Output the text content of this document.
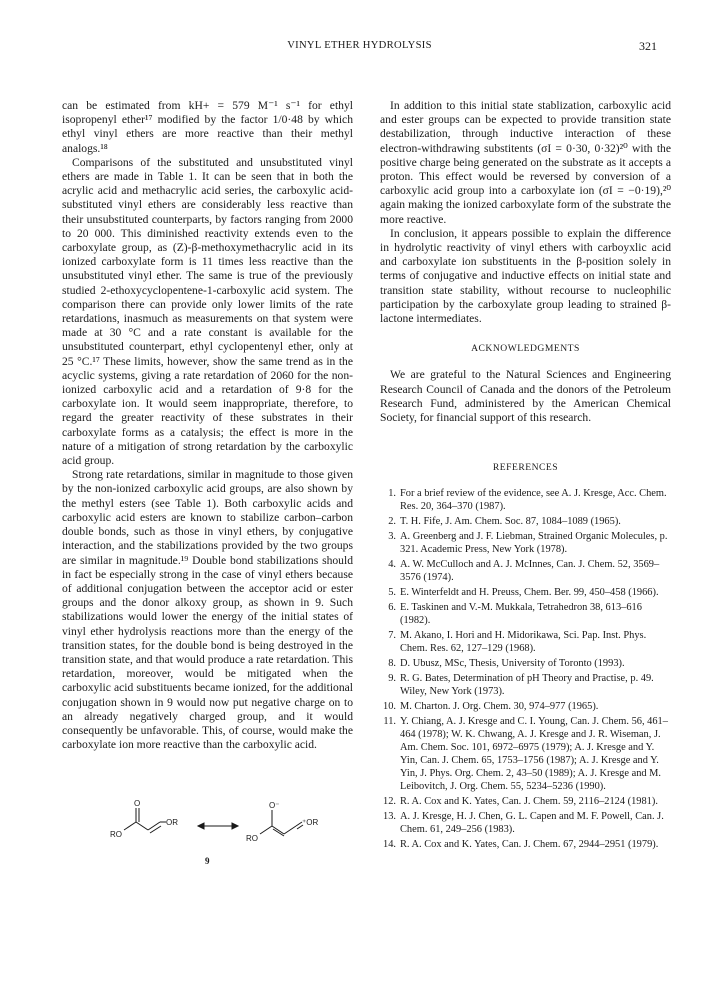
VINYL ETHER HYDROLYSIS	321

can be estimated from kH+ = 579 M⁻¹ s⁻¹ for ethyl isopropenyl ether¹⁷ modified by the factor 1/0·48 by which ethyl vinyl ethers are more reactive than their methyl analogs.¹⁸

Comparisons of the substituted and unsubstituted vinyl ethers are made in Table 1. It can be seen that in both the acrylic acid and methacrylic acid series, the carboxylic acid-substituted vinyl ethers are considerably less reactive than their unsubstituted counterparts, by factors ranging from 2000 to 20 000. This diminished reactivity extends even to the carboxylate group, as (Z)-β-methoxymethacrylic acid in its ionized carboxylate form is 11 times less reactive than the unsubstituted vinyl ether. The same is true of the previously studied 2-ethoxycyclopentene-1-carboxylic acid system. The comparison there can provide only lower limits of the rate retardations, inasmuch as measurements on that system were made at 30 °C and a rate constant is available for the unsubstituted counterpart, ethyl cyclopentenyl ether, only at 25 °C.¹⁷ These limits, however, show the same trend as in the acyclic systems, giving a rate retardation of 2060 for the non-ionized carboxylic acid and a retardation of 9·8 for the carboxylate ion. It would seem inappropriate, therefore, to regard the greater reactivity of these substrates in their carboxylate forms as a catalysis; the effect is more in the nature of a mitigation of strong retardation by the carboxylic acid group.

Strong rate retardations, similar in magnitude to those given by the non-ionized carboxylic acid groups, are also shown by the methyl esters (see Table 1). Both carboxylic acids and carboxylic acid esters are known to stabilize carbon–carbon double bonds, such as those in vinyl ethers, by conjugative interaction, and the stabilizations provided by the two groups are similar in magnitude.¹⁹ Double bond stabilizations should in fact be especially strong in the case of vinyl ethers because of additional conjugation between the acceptor acid or ester groups and the donor alkoxy group, as shown in 9. Such stabilizations would lower the energy of the initial states of vinyl ether hydrolysis reactions more than the energy of the transition states, for the double bond is being destroyed in the transition state, and that would produce a rate retardation. This retardation, moreover, would be mitigated when the carboxylic acid substituents became ionized, for the additional conjugation shown in 9 would now put negative charge on to an already negatively charged group, and it would consequently be unfavorable. This, of course, would make the carboxylate ion more reactive than the carboxylic acid.

O
OR
RO
O⁻
⁺OR
RO
9

In addition to this initial state stablization, carboxylic acid and ester groups can be expected to provide transition state destabilization, through inductive interaction of these electron-withdrawing substitents (σI = 0·30, 0·32)²⁰ with the positive charge being generated on the substrate as it accepts a proton. This effect would be reversed by conversion of a carboxylic acid group into a carboxylate ion (σI = −0·19),²⁰ again making the ionized carboxylate form of the substrate the more reactive.

In conclusion, it appears possible to explain the difference in hydrolytic reactivity of vinyl ethers with carboyxlic acid and carboxylate ion substituents in the β-position solely in terms of conjugative and inductive effects on initial state and transition state stability, without recourse to nucleophilic participation by the carboxylate group leading to strained β-lactone intermediates.

ACKNOWLEDGMENTS

We are grateful to the Natural Sciences and Engineering Research Council of Canada and the donors of the Petroleum Research Fund, administered by the American Chemical Society, for financial support of this research.

REFERENCES
1. For a brief review of the evidence, see A. J. Kresge, Acc. Chem. Res. 20, 364–370 (1987).
2. T. H. Fife, J. Am. Chem. Soc. 87, 1084–1089 (1965).
3. A. Greenberg and J. F. Liebman, Strained Organic Molecules, p. 321. Academic Press, New York (1978).
4. A. W. McCulloch and A. J. McInnes, Can. J. Chem. 52, 3569–3576 (1974).
5. E. Winterfeldt and H. Preuss, Chem. Ber. 99, 450–458 (1966).
6. E. Taskinen and V.-M. Mukkala, Tetrahedron 38, 613–616 (1982).
7. M. Akano, I. Hori and H. Midorikawa, Sci. Pap. Inst. Phys. Chem. Res. 62, 127–129 (1968).
8. D. Ubusz, MSc, Thesis, University of Toronto (1993).
9. R. G. Bates, Determination of pH Theory and Practise, p. 49. Wiley, New York (1973).
10. M. Charton. J. Org. Chem. 30, 974–977 (1965).
11. Y. Chiang, A. J. Kresge and C. I. Young, Can. J. Chem. 56, 461–464 (1978); W. K. Chwang, A. J. Kresge and J. R. Wiseman, J. Am. Chem. Soc. 101, 6972–6975 (1979); A. J. Kresge and Y. Yin, Can. J. Chem. 65, 1753–1756 (1987); A. J. Kresge and Y. Yin, J. Phys. Org. Chem. 2, 43–50 (1989); A. J. Kresge and M. Leibovitch, J. Org. Chem. 55, 5234–5236 (1990).
12. R. A. Cox and K. Yates, Can. J. Chem. 59, 2116–2124 (1981).
13. A. J. Kresge, H. J. Chen, G. L. Capen and M. F. Powell, Can. J. Chem. 61, 249–256 (1983).
14. R. A. Cox and K. Yates, Can. J. Chem. 67, 2944–2951 (1979).
